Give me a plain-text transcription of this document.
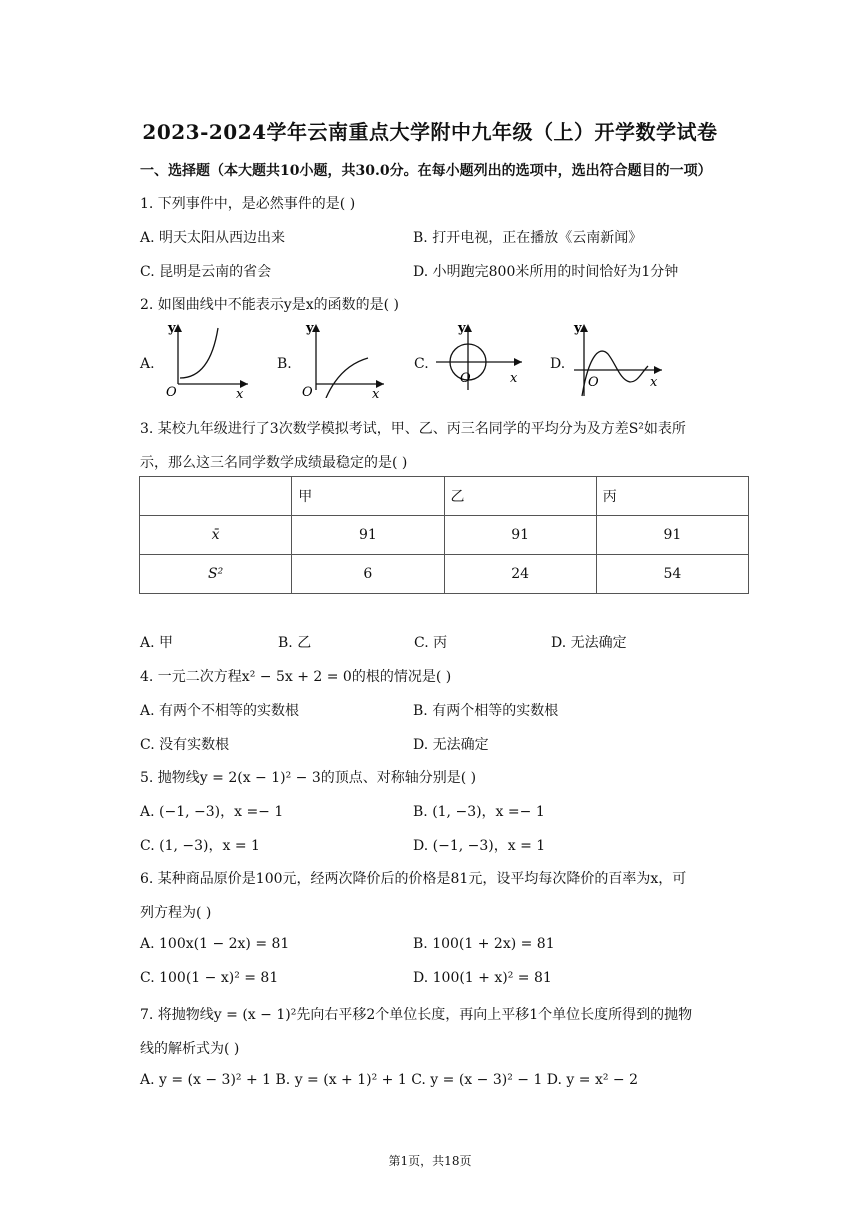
2023-2024学年云南重点大学附中九年级（上）开学数学试卷
一、选择题（本大题共10小题，共30.0分。在每小题列出的选项中，选出符合题目的一项）
1. 下列事件中，是必然事件的是( )
A. 明天太阳从西边出来	B. 打开电视，正在播放《云南新闻》
C. 昆明是云南的省会	D. 小明跑完800米所用的时间恰好为1分钟
2. 如图曲线中不能表示y是x的函数的是( )
A.
y
O	x
B.
y
O	x
C.
y
O	x
D.
y
O	x
3. 某校九年级进行了3次数学模拟考试，甲、乙、丙三名同学的平均分为及方差S²如表所
示，那么这三名同学数学成绩最稳定的是( )
	甲	乙	丙
x̄	91	91	91
S²	6	24	54
A. 甲	B. 乙	C. 丙	D. 无法确定
4. 一元二次方程x² − 5x + 2 = 0的根的情况是( )
A. 有两个不相等的实数根	B. 有两个相等的实数根
C. 没有实数根	D. 无法确定
5. 抛物线y = 2(x − 1)² − 3的顶点、对称轴分别是( )
A. (−1, −3)，x =− 1	B. (1, −3)，x =− 1
C. (1, −3)，x = 1	D. (−1, −3)，x = 1
6. 某种商品原价是100元，经两次降价后的价格是81元，设平均每次降价的百率为x，可
列方程为( )
A. 100x(1 − 2x) = 81	B. 100(1 + 2x) = 81
C. 100(1 − x)² = 81	D. 100(1 + x)² = 81
7. 将抛物线y = (x − 1)²先向右平移2个单位长度，再向上平移1个单位长度所得到的抛物
线的解析式为( )
A. y = (x − 3)² + 1 B. y = (x + 1)² + 1 C. y = (x − 3)² − 1 D. y = x² − 2
第1页，共18页
